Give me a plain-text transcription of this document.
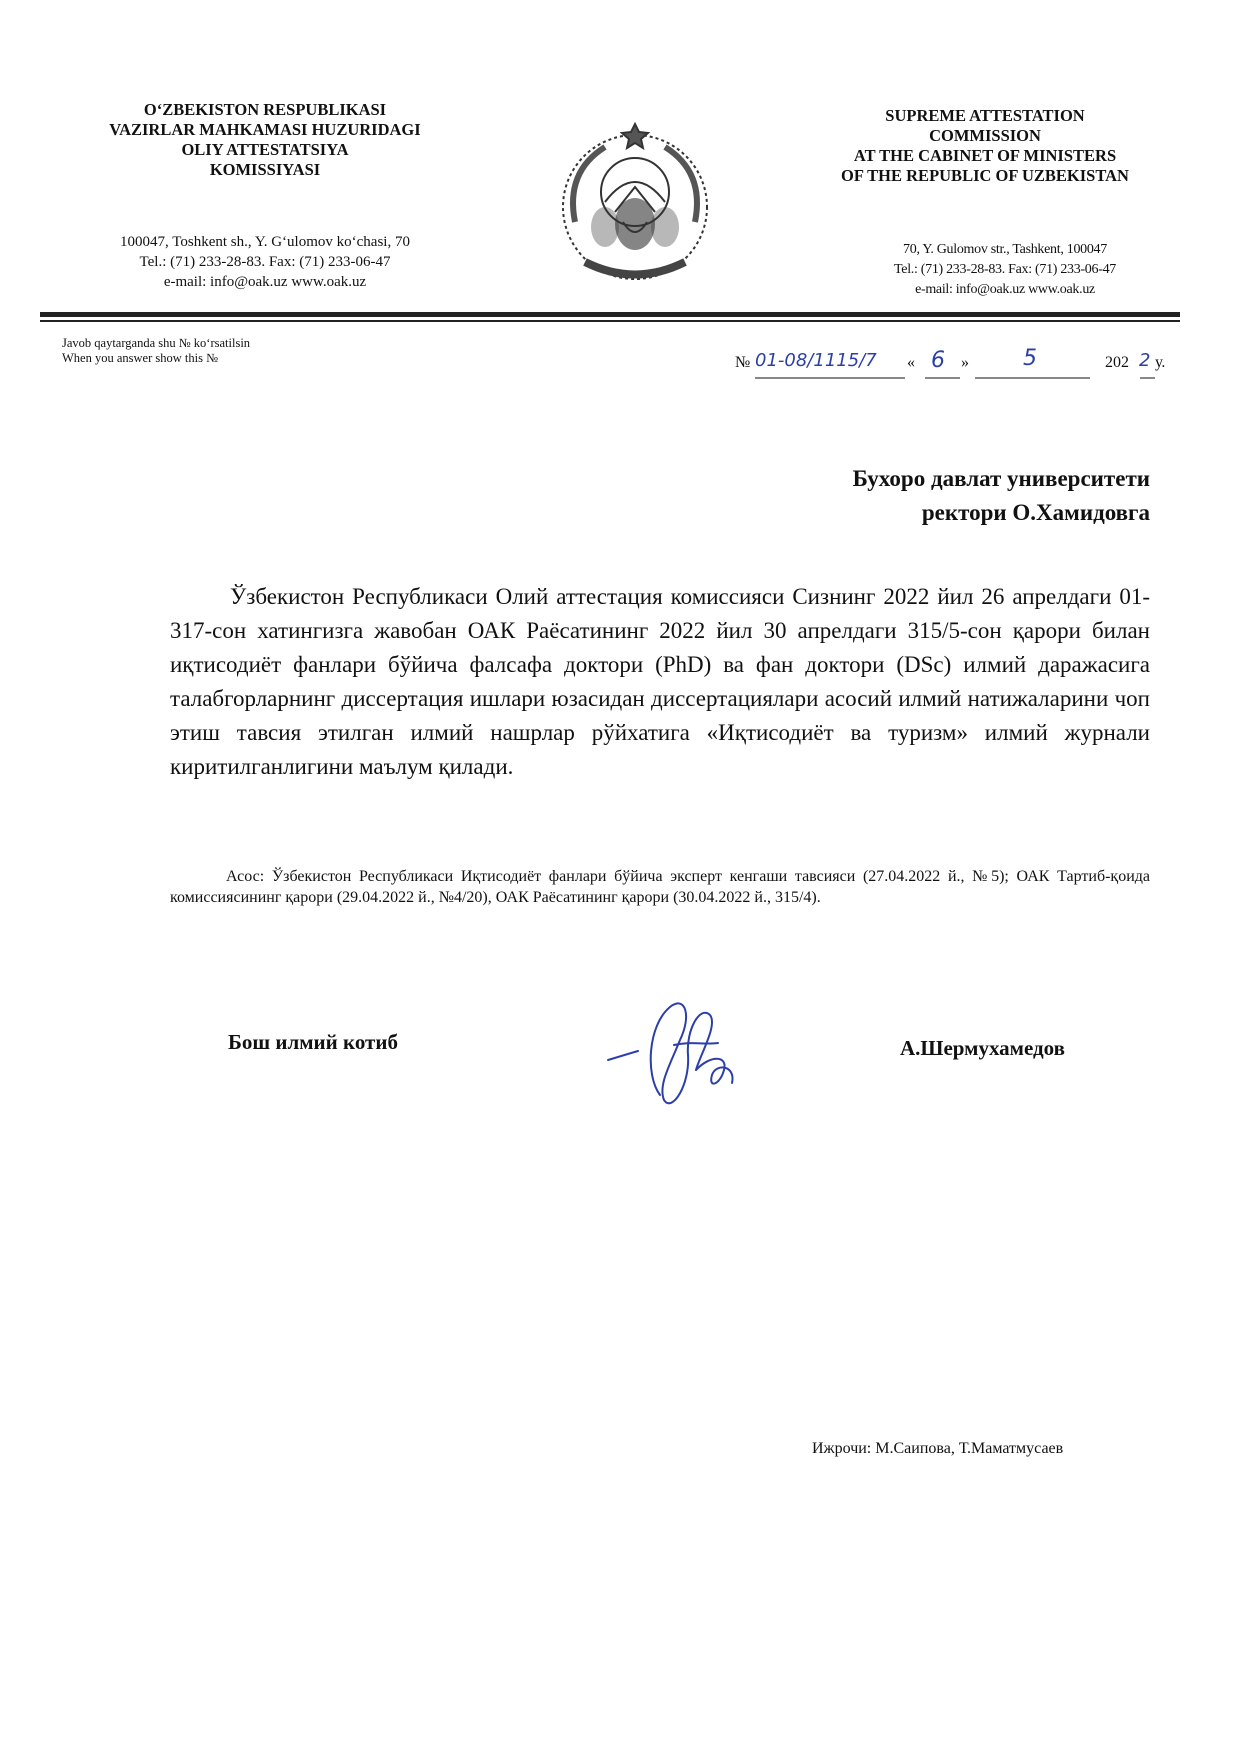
O‘ZBEKISTON RESPUBLIKASI
VAZIRLAR MAHKAMASI HUZURIDAGI
OLIY ATTESTATSIYA
KOMISSIYASI
100047, Toshkent sh., Y. G‘ulomov ko‘chasi, 70
Tel.: (71) 233-28-83. Fax: (71) 233-06-47
e-mail: info@oak.uz www.oak.uz
SUPREME ATTESTATION
COMMISSION
AT THE CABINET OF MINISTERS
OF THE REPUBLIC OF UZBEKISTAN
70, Y. Gulomov str., Tashkent, 100047
Tel.: (71) 233-28-83. Fax: (71) 233-06-47
e-mail: info@oak.uz www.oak.uz
Javob qaytarganda shu № ko‘rsatilsin
When you answer show this №	№ 01-08/1115/7 « 6 » 5	202 2 у.
Бухоро давлат университети
ректори О.Хамидовга
Ўзбекистон Республикаси Олий аттестация комиссияси Сизнинг 2022 йил 26 апрелдаги 01-317-сон хатингизга жавобан ОАК Раёсатининг 2022 йил 30 апрелдаги 315/5-сон қарори билан иқтисодиёт фанлари бўйича фалсафа доктори (PhD) ва фан доктори (DSc) илмий даражасига талабгорларнинг диссертация ишлари юзасидан диссертациялари асосий илмий натижаларини чоп этиш тавсия этилган илмий нашрлар рўйхатига «Иқтисодиёт ва туризм» илмий журнали киритилганлигини маълум қилади.
Асос: Ўзбекистон Республикаси Иқтисодиёт фанлари бўйича эксперт кенгаши тавсияси (27.04.2022 й., №5); ОАК Тартиб-қоида комиссиясининг қарори (29.04.2022 й., №4/20), ОАК Раёсатининг қарори (30.04.2022 й., 315/4).
Бош илмий котиб	А.Шермухамедов
Ижрочи: М.Саипова, Т.Маматмусаев
